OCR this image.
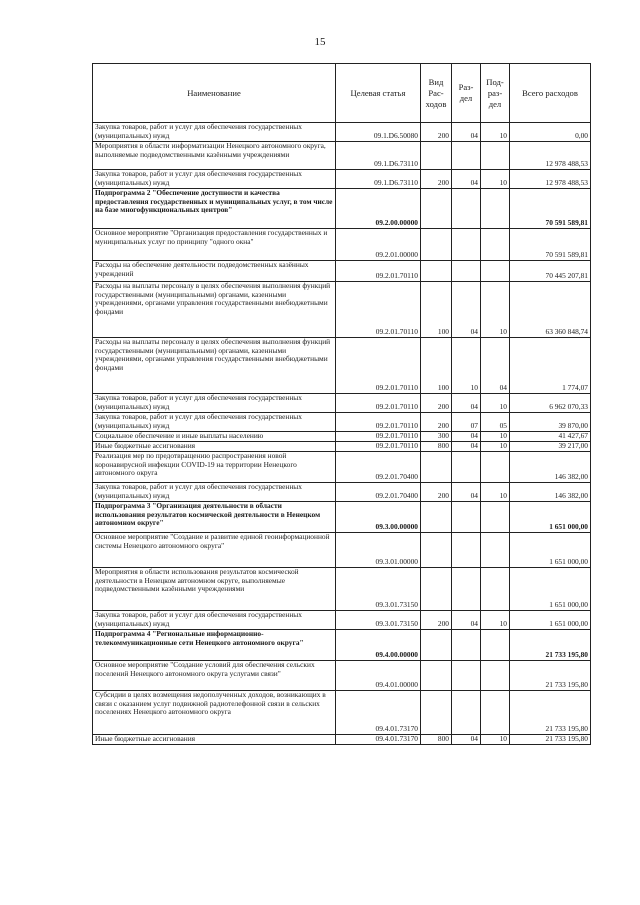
15
Наименование	Целевая статья	Вид Рас-ходов	Раз-дел	Под-раз-дел	Всего расходов
Закупка товаров, работ и услуг для обеспечения государственных (муниципальных) нужд	09.1.D6.50080	200	04	10	0,00
Мероприятия в области информатизации Ненецкого автономного округа, выполняемые подведомственными казёнными учреждениями	09.1.D6.73110				12 978 488,53
Закупка товаров, работ и услуг для обеспечения государственных (муниципальных) нужд	09.1.D6.73110	200	04	10	12 978 488,53
Подпрограмма 2 "Обеспечение доступности и качества предоставления государственных и муниципальных услуг, в том числе на базе многофункциональных центров"	09.2.00.00000				70 591 589,81
Основное мероприятие "Организация предоставления государственных и муниципальных услуг по принципу "одного окна"	09.2.01.00000				70 591 589,81
Расходы на обеспечение деятельности подведомственных казённых учреждений	09.2.01.70110				70 445 207,81
Расходы на выплаты персоналу в целях обеспечения выполнения функций государственными (муниципальными) органами, казенными учреждениями, органами управления государственными внебюджетными фондами	09.2.01.70110	100	04	10	63 360 848,74
Расходы на выплаты персоналу в целях обеспечения выполнения функций государственными (муниципальными) органами, казенными учреждениями, органами управления государственными внебюджетными фондами	09.2.01.70110	100	10	04	1 774,07
Закупка товаров, работ и услуг для обеспечения государственных (муниципальных) нужд	09.2.01.70110	200	04	10	6 962 070,33
Закупка товаров, работ и услуг для обеспечения государственных (муниципальных) нужд	09.2.01.70110	200	07	05	39 870,00
Социальное обеспечение и иные выплаты населению	09.2.01.70110	300	04	10	41 427,67
Иные бюджетные ассигнования	09.2.01.70110	800	04	10	39 217,00
Реализация мер по предотвращению распространения новой коронавирусной инфекции COVID-19 на территории Ненецкого автономного округа	09.2.01.70400				146 382,00
Закупка товаров, работ и услуг для обеспечения государственных (муниципальных) нужд	09.2.01.70400	200	04	10	146 382,00
Подпрограмма 3 "Организация деятельности в области использования результатов космической деятельности в Ненецком автономном округе"	09.3.00.00000				1 651 000,00
Основное мероприятие "Создание и развитие единой геоинформационной системы Ненецкого автономного округа"	09.3.01.00000				1 651 000,00
Мероприятия в области использования результатов космической деятельности в Ненецком автономном округе, выполняемые подведомственными казёнными учреждениями	09.3.01.73150				1 651 000,00
Закупка товаров, работ и услуг для обеспечения государственных (муниципальных) нужд	09.3.01.73150	200	04	10	1 651 000,00
Подпрограмма 4 "Региональные информационно-телекоммуникационные сети Ненецкого автономного округа"	09.4.00.00000				21 733 195,80
Основное мероприятие "Создание условий для обеспечения сельских поселений Ненецкого автономного округа услугами связи"	09.4.01.00000				21 733 195,80
Субсидии в целях возмещения недополученных доходов, возникающих в связи с оказанием услуг подвижной радиотелефонной связи в сельских поселениях Ненецкого автономного округа	09.4.01.73170				21 733 195,80
Иные бюджетные ассигнования	09.4.01.73170	800	04	10	21 733 195,80
